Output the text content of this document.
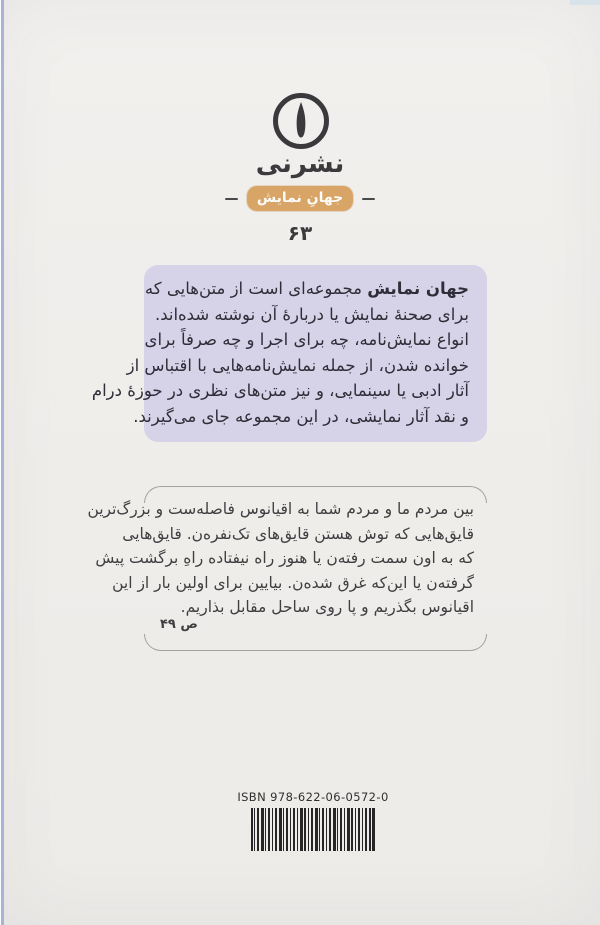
نشرنی
جهانِ نمایش
۶۳
جهان نمایش مجموعه‌ای است از متن‌هایی که
برای صحنهٔ نمایش یا دربارهٔ آن نوشته شده‌اند.
انواع نمایش‌نامه، چه برای اجرا و چه صرفاً برای
خوانده شدن، از جمله نمایش‌نامه‌هایی با اقتباس از
آثار ادبی یا سینمایی، و نیز متن‌های نظری در حوزهٔ درام
و نقد آثار نمایشی، در این مجموعه جای می‌گیرند.
بین مردم ما و مردم شما به اقیانوس فاصله‌ست و بزرگ‌ترین
قایق‌هایی که توش هستن قایق‌های تک‌نفره‌ن. قایق‌هایی
که به اون سمت رفته‌ن یا هنوز راه نیفتاده راهِ برگشت پیش
گرفته‌ن یا این‌که غرق شده‌ن. بیایین برای اولین بار از این
اقیانوس بگذریم و پا روی ساحل مقابل بذاریم.
ص ۴۹
ISBN 978-622-06-0572-0
